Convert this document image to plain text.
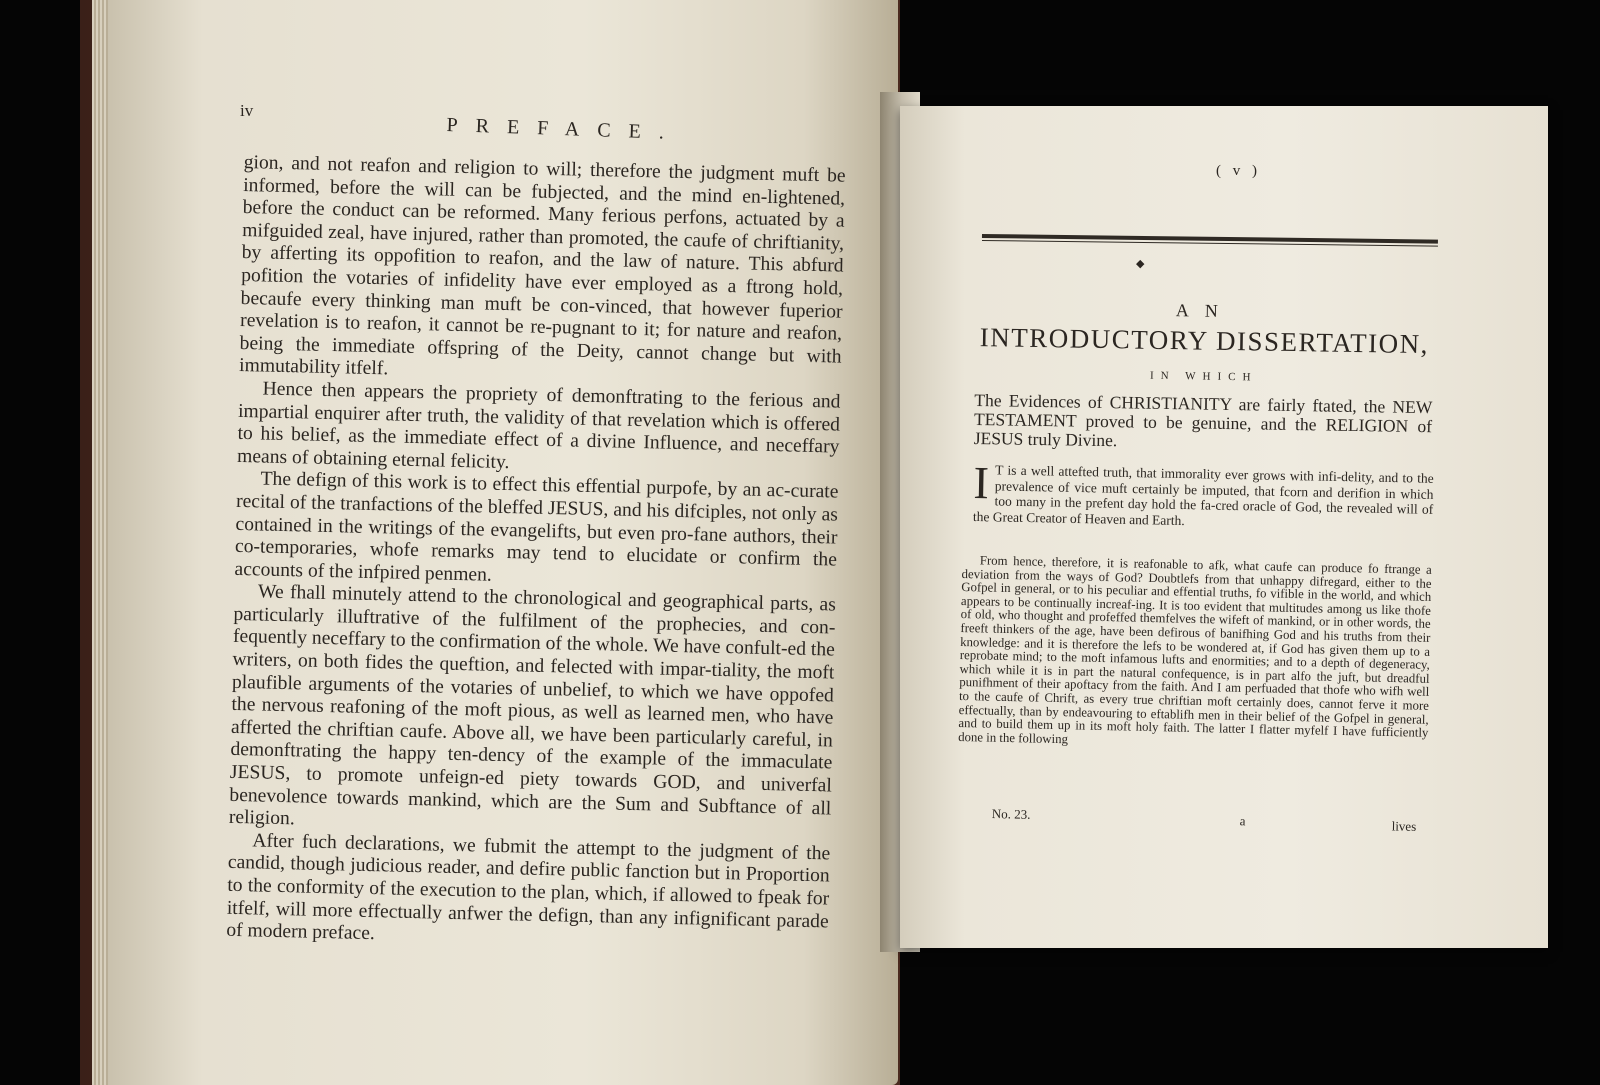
iv
PREFACE.

gion, and not reafon and religion to will; therefore the judgment muft be informed, before the will can be fubjected, and the mind en-lightened, before the conduct can be reformed. Many ferious perfons, actuated by a mifguided zeal, have injured, rather than promoted, the caufe of chriftianity, by afferting its oppofition to reafon, and the law of nature. This abfurd pofition the votaries of infidelity have ever employed as a ftrong hold, becaufe every thinking man muft be con-vinced, that however fuperior revelation is to reafon, it cannot be re-pugnant to it; for nature and reafon, being the immediate offspring of the Deity, cannot change but with immutability itfelf.

Hence then appears the propriety of demonftrating to the ferious and impartial enquirer after truth, the validity of that revelation which is offered to his belief, as the immediate effect of a divine Influence, and neceffary means of obtaining eternal felicity.

The defign of this work is to effect this effential purpofe, by an ac-curate recital of the tranfactions of the bleffed JESUS, and his difciples, not only as contained in the writings of the evangelifts, but even pro-fane authors, their co-temporaries, whofe remarks may tend to elucidate or confirm the accounts of the infpired penmen.

We fhall minutely attend to the chronological and geographical parts, as particularly illuftrative of the fulfilment of the prophecies, and con-fequently neceffary to the confirmation of the whole. We have confult-ed the writers, on both fides the queftion, and felected with impar-tiality, the moft plaufible arguments of the votaries of unbelief, to which we have oppofed the nervous reafoning of the moft pious, as well as learned men, who have afferted the chriftian caufe. Above all, we have been particularly careful, in demonftrating the happy ten-dency of the example of the immaculate JESUS, to promote unfeign-ed piety towards GOD, and univerfal benevolence towards mankind, which are the Sum and Subftance of all religion.

After fuch declarations, we fubmit the attempt to the judgment of the candid, though judicious reader, and defire public fanction but in Proportion to the conformity of the execution to the plan, which, if allowed to fpeak for itfelf, will more effectually anfwer the defign, than any infignificant parade of modern preface.

( v )
◆
AN
INTRODUCTORY DISSERTATION,
IN WHICH

The Evidences of CHRISTIANITY are fairly ftated, the NEW TESTAMENT proved to be genuine, and the RELIGION of JESUS truly Divine.

I T is a well attefted truth, that immorality ever grows with infi-delity, and to the prevalence of vice muft certainly be imputed, that fcorn and derifion in which too many in the prefent day hold the fa-cred oracle of God, the revealed will of the Great Creator of Heaven and Earth.

From hence, therefore, it is reafonable to afk, what caufe can produce fo ftrange a deviation from the ways of God? Doubtlefs from that unhappy difregard, either to the Gofpel in general, or to his peculiar and effential truths, fo vifible in the world, and which appears to be continually increaf-ing. It is too evident that multitudes among us like thofe of old, who thought and profeffed themfelves the wifeft of mankind, or in other words, the freeft thinkers of the age, have been defirous of banifhing God and his truths from their knowledge: and it is therefore the lefs to be wondered at, if God has given them up to a reprobate mind; to the moft infamous lufts and enormities; and to a depth of degeneracy, which while it is in part the natural confequence, is in part alfo the juft, but dreadful punifhment of their apoftacy from the faith. And I am perfuaded that thofe who wifh well to the caufe of Chrift, as every true chriftian moft certainly does, cannot ferve it more effectually, than by endeavouring to eftablifh men in their belief of the Gofpel in general, and to build them up in its moft holy faith. The latter I flatter myfelf I have fufficiently done in the following

No. 23.	a	lives
